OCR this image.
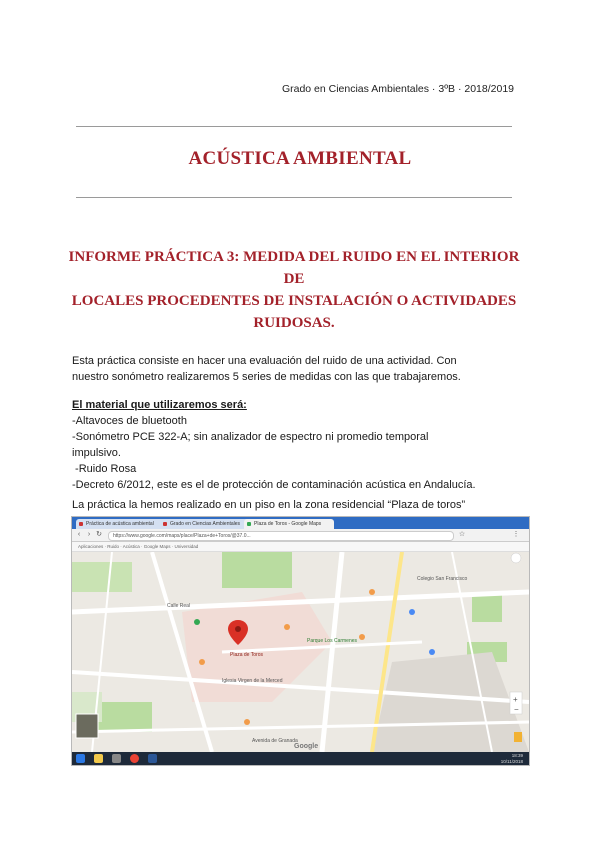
Grado en Ciencias Ambientales · 3ºB · 2018/2019
ACÚSTICA AMBIENTAL
INFORME PRÁCTICA 3: MEDIDA DEL RUIDO EN EL INTERIOR DE
LOCALES PROCEDENTES DE INSTALACIÓN O ACTIVIDADES
RUIDOSAS.

Esta práctica consiste en hacer una evaluación del ruido de una actividad. Con

nuestro sonómetro realizaremos 5 series de medidas con las que trabajaremos.

El material que utilizaremos será:

-Altavoces de bluetooth

-Sonómetro PCE 322-A; sin analizador de espectro ni promedio temporal

impulsivo.

-Ruido Rosa

-Decreto 6/2012, este es el de protección de contaminación acústica en Andalucía.

La práctica la hemos realizado en un piso en la zona residencial “Plaza de toros”
Práctica de acústica ambiental	Grado en Ciencias Ambientales	Plaza de Toros - Google Maps
‹	› ↻	https://www.google.com/maps/place/Plaza+de+Toros/@37.0...	☆	⋮
Aplicaciones · Ruido · Acústica · Google Maps · Universidad
Plaza de Toros
Calle Real
Parque Los Carmenes
Colegio San Francisco
Iglesia Virgen de la Merced
Avenida de Granada
Google
+
−
18:39
10/11/2018
